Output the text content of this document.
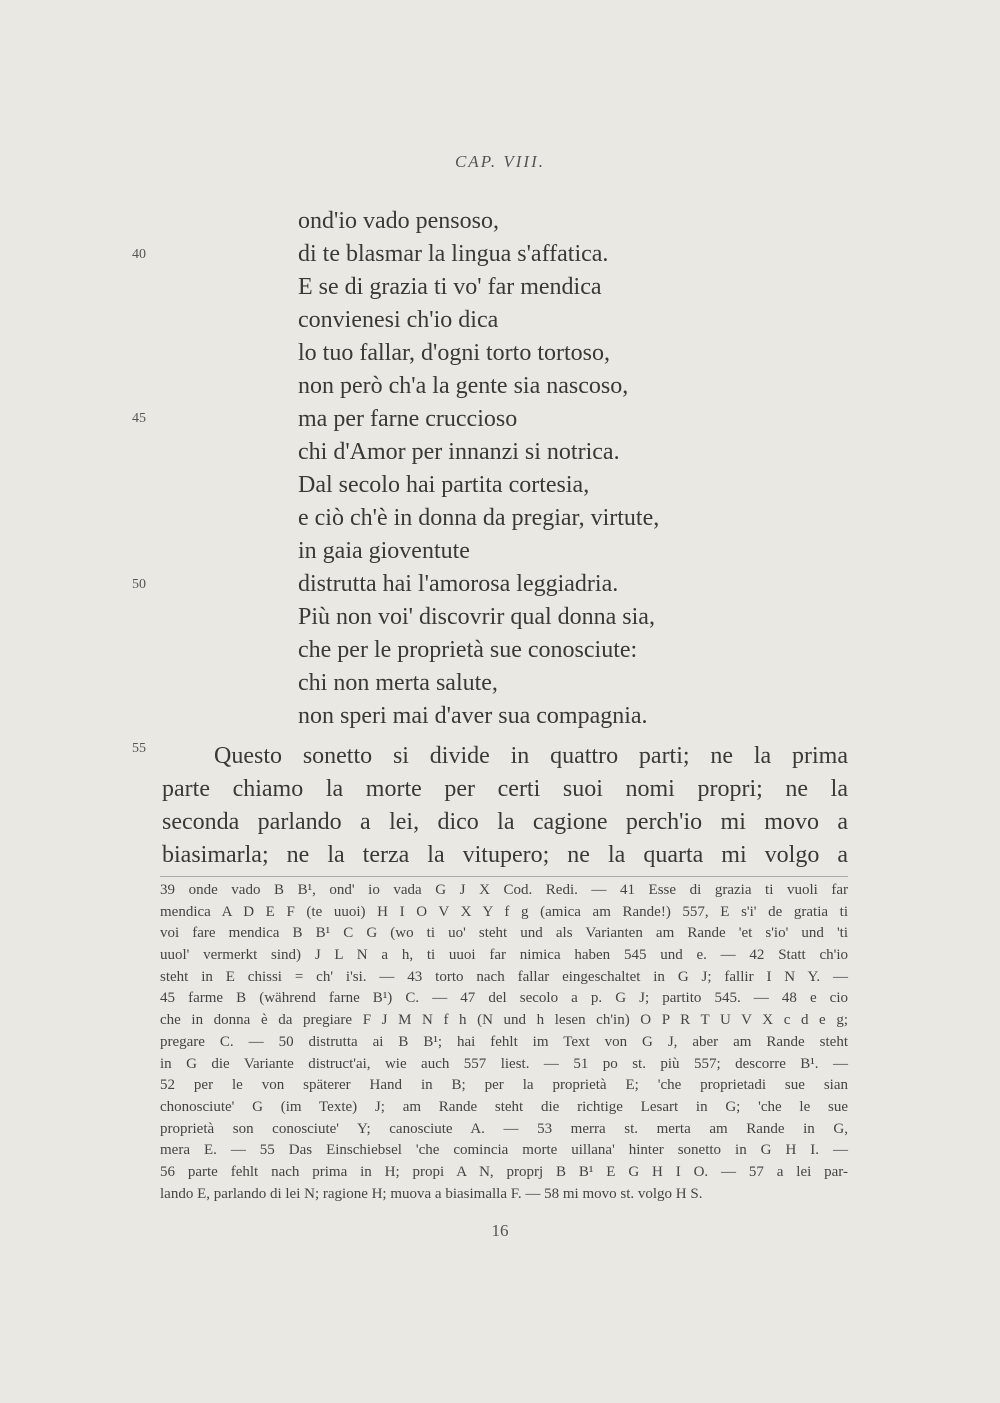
CAP. VIII.
40
45
50
55
ond'io vado pensoso,
di te blasmar la lingua s'affatica.
E se di grazia ti vo' far mendica
convienesi ch'io dica
lo tuo fallar, d'ogni torto tortoso,
non però ch'a la gente sia nascoso,
ma per farne cruccioso
chi d'Amor per innanzi si notrica.
Dal secolo hai partita cortesia,
e ciò ch'è in donna da pregiar, virtute,
in gaia gioventute
distrutta hai l'amorosa leggiadria.
Più non voi' discovrir qual donna sia,
che per le proprietà sue conosciute:
chi non merta salute,
non speri mai d'aver sua compagnia.
Questo sonetto si divide in quattro parti; ne la prima
parte chiamo la morte per certi suoi nomi propri; ne la
seconda parlando a lei, dico la cagione perch'io mi movo a
biasimarla; ne la terza la vitupero; ne la quarta mi volgo a
39 onde vado B B¹, ond' io vada G J X Cod. Redi. — 41 Esse di grazia ti vuoli far
mendica A D E F (te uuoi) H I O V X Y f g (amica am Rande!) 557, E s'i' de gratia ti
voi fare mendica B B¹ C G (wo ti uo' steht und als Varianten am Rande 'et s'io' und 'ti
uuol' vermerkt sind) J L N a h, ti uuoi far nimica haben 545 und e. — 42 Statt ch'io
steht in E chissi = ch' i'si. — 43 torto nach fallar eingeschaltet in G J; fallir I N Y. —
45 farme B (während farne B¹) C. — 47 del secolo a p. G J; partito 545. — 48 e cio
che in donna è da pregiare F J M N f h (N und h lesen ch'in) O P R T U V X c d e g;
pregare C. — 50 distrutta ai B B¹; hai fehlt im Text von G J, aber am Rande steht
in G die Variante distruct'ai, wie auch 557 liest. — 51 po st. più 557; descorre B¹. —
52 per le von späterer Hand in B; per la proprietà E; 'che proprietadi sue sian
chonosciute' G (im Texte) J; am Rande steht die richtige Lesart in G; 'che le sue
proprietà son conosciute' Y; canosciute A. — 53 merra st. merta am Rande in G,
mera E. — 55 Das Einschiebsel 'che comincia morte uillana' hinter sonetto in G H I. —
56 parte fehlt nach prima in H; propi A N, proprj B B¹ E G H I O. — 57 a lei par-
lando E, parlando di lei N; ragione H; muova a biasimalla F. — 58 mi movo st. volgo H S.
16
